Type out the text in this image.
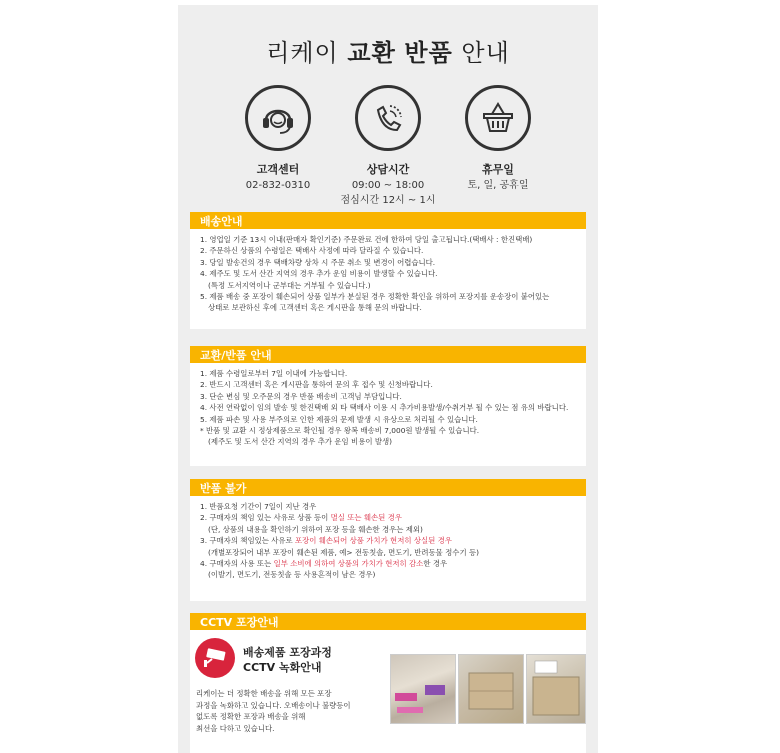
리케이 교환 반품 안내
고객센터
02-832-0310
상담시간
09:00 ~ 18:00
점심시간 12시 ~ 1시
휴무일
토, 일, 공휴일
배송안내
1. 영업일 기준 13시 이내(판매자 확인기준) 주문완료 건에 한하여 당일 출고됩니다.(택배사 : 한진택배)
2. 주문하신 상품의 수령일은 택배사 사정에 따라 달라질 수 있습니다.
3. 당일 발송건의 경우 택배차량 상차 시 주문 취소 및 변경이 어렵습니다.
4. 제주도 및 도서 산간 지역의 경우 추가 운임 비용이 발생할 수 있습니다.
(특정 도서지역이나 군부대는 거부될 수 있습니다.)
5. 제품 배송 중 포장이 훼손되어 상품 일부가 분실된 경우 정확한 확인을 위하여 포장지를 운송장이 붙어있는
상태로 보관하신 후에 고객센터 혹은 게시판을 통해 문의 바랍니다.
교환/반품 안내
1. 제품 수령일로부터 7일 이내에 가능합니다.
2. 반드시 고객센터 혹은 게시판을 통하여 문의 후 접수 및 신청바랍니다.
3. 단순 변심 및 오주문의 경우 반품 배송비 고객님 부담입니다.
4. 사전 연락없이 임의 발송 및 한진택배 외 타 택배사 이용 시 추가비용발생/수취거부 될 수 있는 점 유의 바랍니다.
5. 제품 파손 및 사용 부주의로 인한 제품의 문제 발생 시 유상으로 처리될 수 있습니다.
* 반품 및 교환 시 정상제품으로 확인될 경우 왕복 배송비 7,000원 발생될 수 있습니다.
(제주도 및 도서 산간 지역의 경우 추가 운임 비용이 발생)
반품 불가
1. 반품요청 기간이 7일이 지난 경우
2. 구매자의 책임 있는 사유로 상품 등이 멸실 또는 훼손된 경우
(단, 상품의 내용을 확인하기 위하여 포장 등을 훼손한 경우는 제외)
3. 구매자의 책임있는 사유로 포장이 훼손되어 상품 가치가 현저히 상실된 경우
(개별포장되어 내부 포장이 훼손된 제품, 예> 전동칫솔, 면도기, 반려동물 정수기 등)
4. 구매자의 사용 또는 일부 소비에 의하여 상품의 가치가 현저히 감소한 경우
(이발기, 면도기, 전동칫솔 등 사용흔적이 남은 경우)
CCTV 포장안내
배송제품 포장과정
CCTV 녹화안내
리케이는 더 정확한 배송을 위해 모든 포장
과정을 녹화하고 있습니다. 오배송이나 불량등이
없도록 정확한 포장과 배송을 위해
최선을 다하고 있습니다.
